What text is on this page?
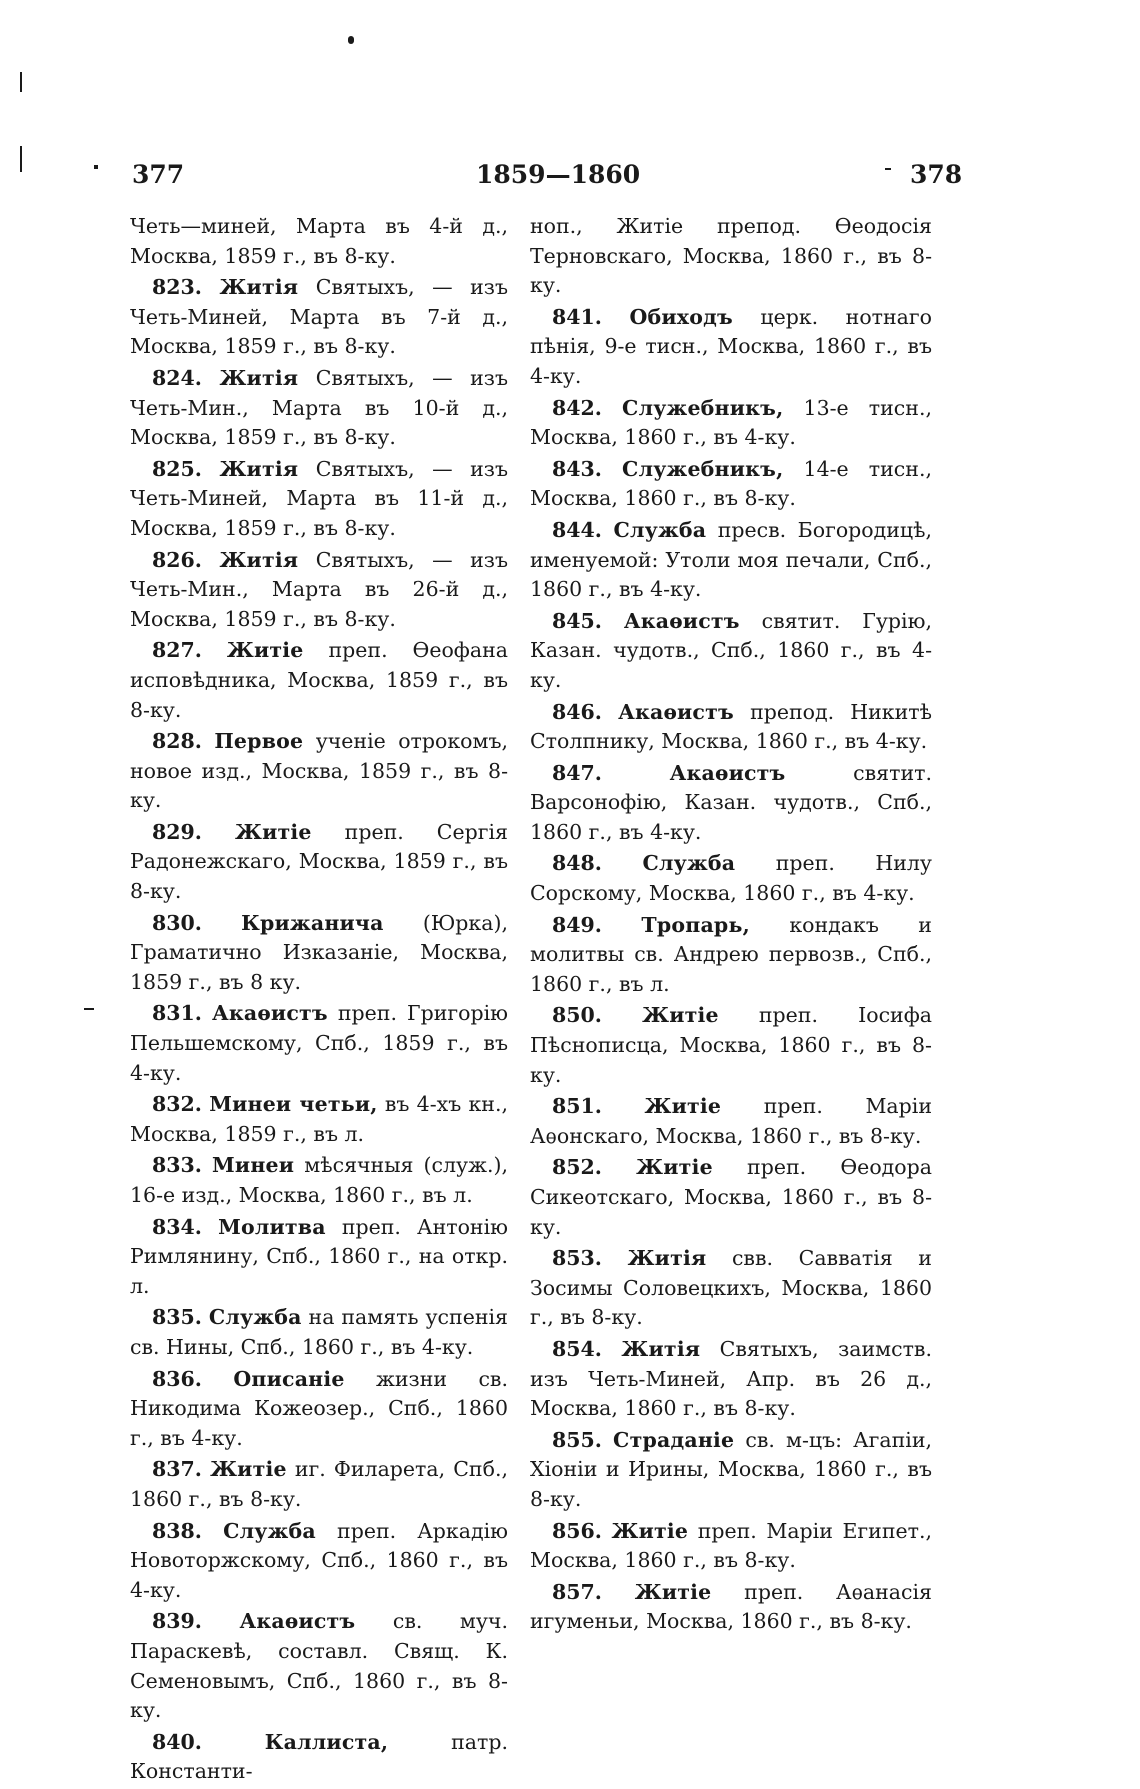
377	1859—1860	378
Четь—миней, Марта въ 4-й д., Москва, 1859 г., въ 8-ку.
823. Житія Святыхъ, — изъ Четь-Миней, Марта въ 7-й д., Москва, 1859 г., въ 8-ку.
824. Житія Святыхъ, — изъ Четь-Мин., Марта въ 10-й д., Москва, 1859 г., въ 8-ку.
825. Житія Святыхъ, — изъ Четь-Миней, Марта въ 11-й д., Москва, 1859 г., въ 8-ку.
826. Житія Святыхъ, — изъ Четь-Мин., Марта въ 26-й д., Москва, 1859 г., въ 8-ку.
827. Житіе преп. Ѳеофана исповѣдника, Москва, 1859 г., въ 8-ку.
828. Первое ученіе отрокомъ, новое изд., Москва, 1859 г., въ 8-ку.
829. Житіе преп. Сергія Радонежскаго, Москва, 1859 г., въ 8-ку.
830. Крижанича (Юрка), Граматично Изказаніе, Москва, 1859 г., въ 8 ку.
831. Акаѳистъ преп. Григорію Пельшемскому, Спб., 1859 г., въ 4-ку.
832. Минеи четьи, въ 4-хъ кн., Москва, 1859 г., въ л.
833. Минеи мѣсячныя (служ.), 16-е изд., Москва, 1860 г., въ л.
834. Молитва преп. Антонію Римлянину, Спб., 1860 г., на откр. л.
835. Служба на память успенія св. Нины, Спб., 1860 г., въ 4-ку.
836. Описаніе жизни св. Никодима Кожеозер., Спб., 1860 г., въ 4-ку.
837. Житіе иг. Филарета, Спб., 1860 г., въ 8-ку.
838. Служба преп. Аркадію Новоторжскому, Спб., 1860 г., въ 4-ку.
839. Акаѳистъ св. муч. Параскевѣ, составл. Свящ. К. Семеновымъ, Спб., 1860 г., въ 8-ку.
840.	Каллиста,	патр. Константи-
ноп., Житіе препод. Ѳеодосія Терновскаго, Москва, 1860 г., въ 8-ку.
841. Обиходъ церк. нотнаго пѣнія, 9-е тисн., Москва, 1860 г., въ 4-ку.
842. Служебникъ, 13-е тисн., Москва, 1860 г., въ 4-ку.
843. Служебникъ, 14-е тисн., Москва, 1860 г., въ 8-ку.
844. Служба пресв. Богородицѣ, именуемой: Утоли моя печали, Спб., 1860 г., въ 4-ку.
845. Акаѳистъ святит. Гурію, Казан. чудотв., Спб., 1860 г., въ 4-ку.
846. Акаѳистъ препод. Никитѣ Столпнику, Москва, 1860 г., въ 4-ку.
847.	Акаѳистъ	святит. Варсонофію, Казан. чудотв., Спб., 1860 г., въ 4-ку.
848. Служба преп. Нилу Сорскому, Москва, 1860 г., въ 4-ку.
849. Тропарь, кондакъ и молитвы св. Андрею первозв., Спб., 1860 г., въ л.
850. Житіе преп. Іосифа Пѣснописца, Москва, 1860 г., въ 8-ку.
851. Житіе преп. Маріи Аѳонскаго, Москва, 1860 г., въ 8-ку.
852. Житіе преп. Ѳеодора Сикеотскаго, Москва, 1860 г., въ 8-ку.
853. Житія свв. Савватія и Зосимы Соловецкихъ, Москва, 1860 г., въ 8-ку.
854. Житія Святыхъ, заимств. изъ Четь-Миней, Апр. въ 26 д., Москва, 1860 г., въ 8-ку.
855. Страданіе св. м-цъ: Агапіи, Хіоніи и Ирины, Москва, 1860 г., въ 8-ку.
856. Житіе преп. Маріи Египет., Москва, 1860 г., въ 8-ку.
857. Житіе преп. Аѳанасія игуменьи, Москва, 1860 г., въ 8-ку.
